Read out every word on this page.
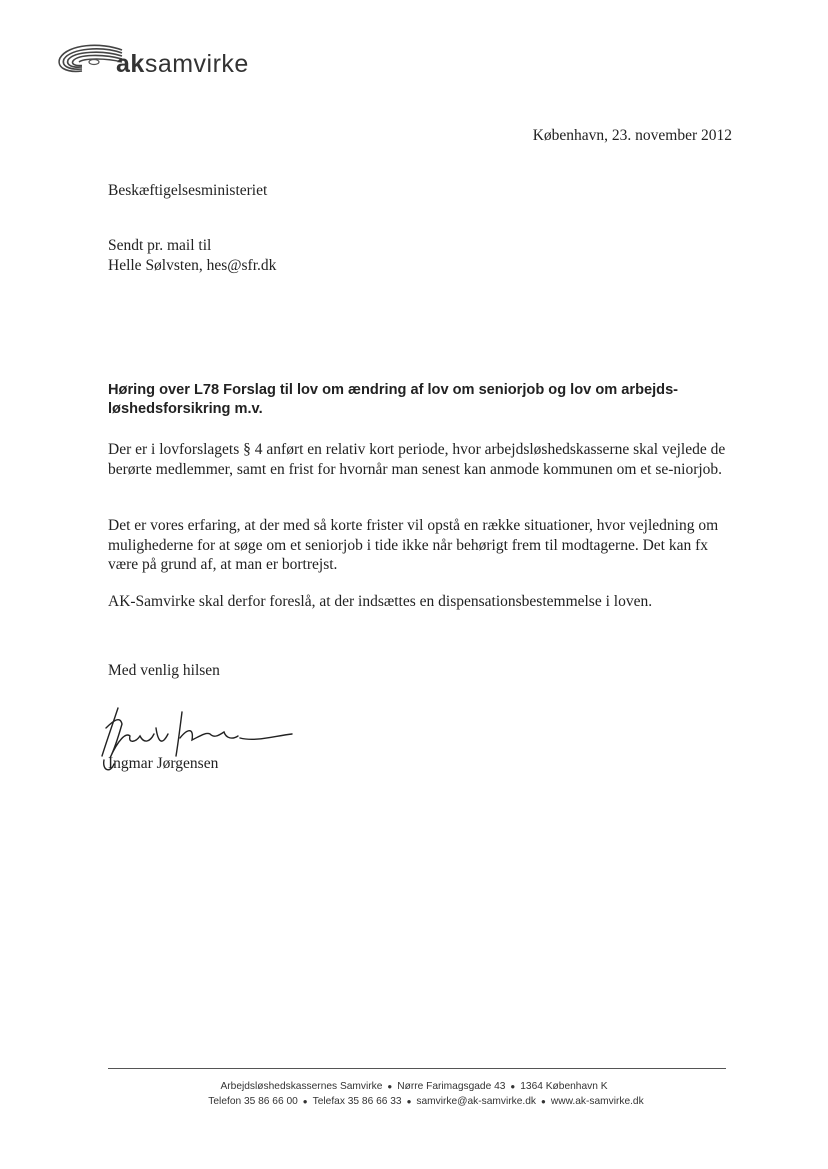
aksamvirke
København, 23. november 2012
Beskæftigelsesministeriet
Sendt pr. mail til
Helle Sølvsten, hes@sfr.dk
Høring over L78 Forslag til lov om ændring af lov om seniorjob og lov om arbejds-løshedsforsikring m.v.
Der er i lovforslagets § 4 anført en relativ kort periode, hvor arbejdsløshedskasserne skal vejlede de berørte medlemmer, samt en frist for hvornår man senest kan anmode kommunen om et se-niorjob.
Det er vores erfaring, at der med så korte frister vil opstå en række situationer, hvor vejledning om mulighederne for at søge om et seniorjob i tide ikke når behørigt frem til modtagerne. Det kan fx være på grund af, at man er bortrejst.
AK-Samvirke skal derfor foreslå, at der indsættes en dispensationsbestemmelse i loven.
Med venlig hilsen
Ingmar Jørgensen
Arbejdsløshedskassernes Samvirke ● Nørre Farimagsgade 43 ● 1364 København K
Telefon 35 86 66 00 ● Telefax 35 86 66 33 ● samvirke@ak-samvirke.dk ● www.ak-samvirke.dk
